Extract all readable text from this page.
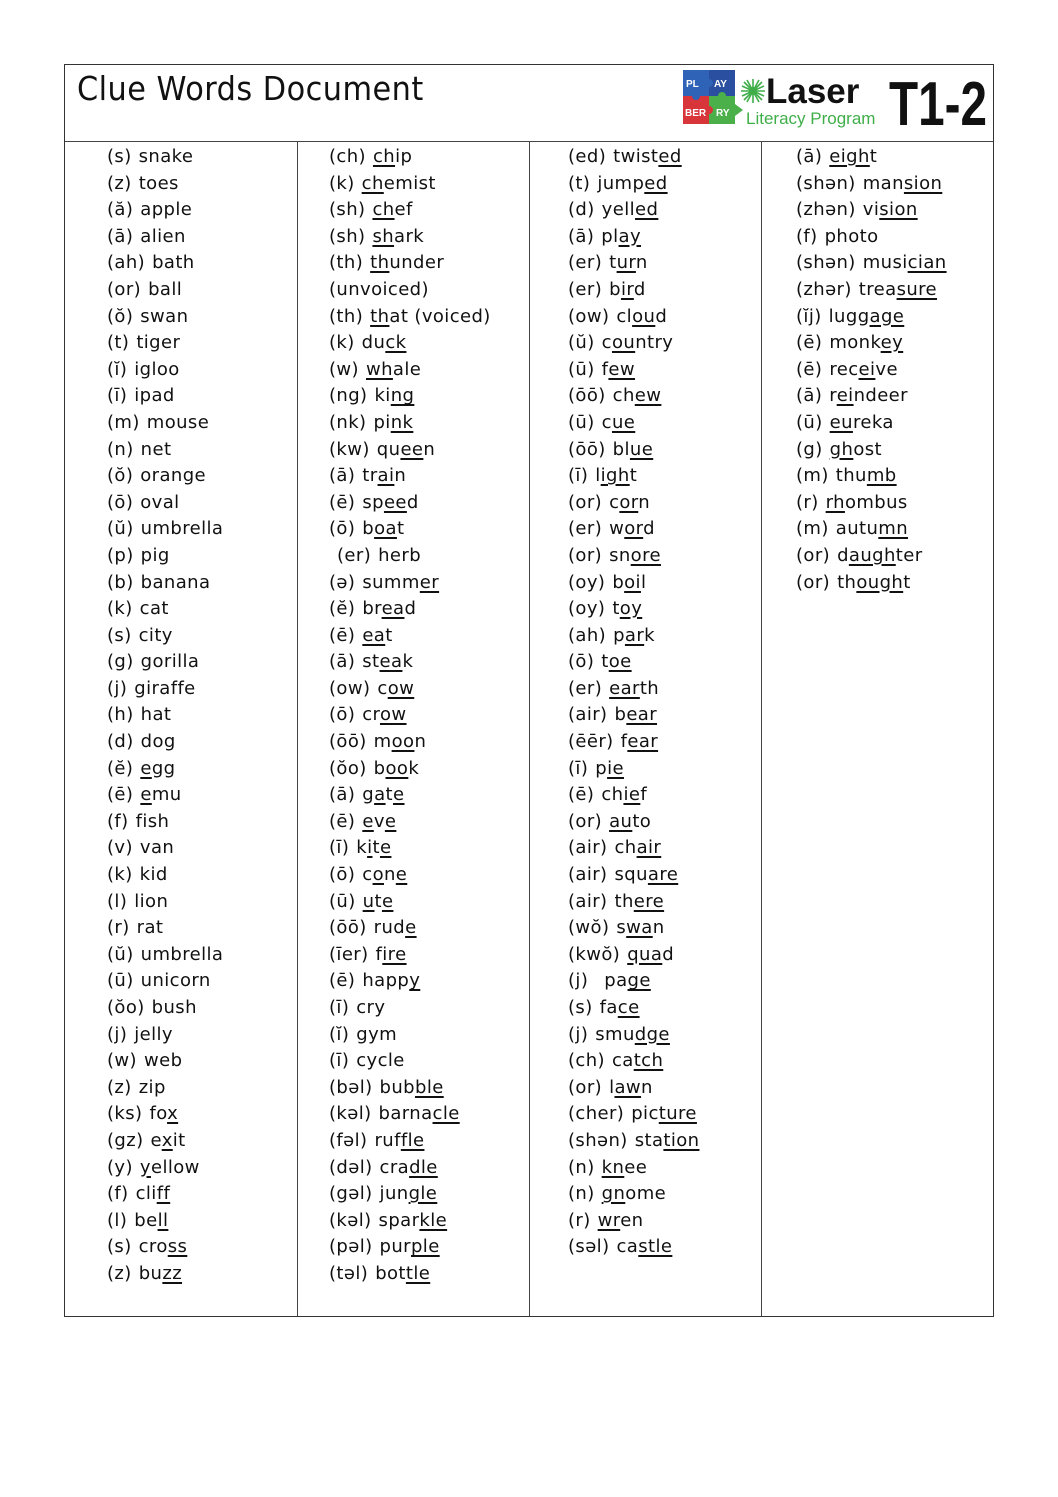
Clue Words Document	PL AY
BER RY
Laser
Literacy Program T1-2
(s) snake
(z) toes
(ă) apple
(ā) alien
(ah) bath
(or) ball
(ŏ) swan
(t) tiger
(ĭ) igloo
(ī) ipad
(m) mouse
(n) net
(ŏ) orange
(ō) oval
(ŭ) umbrella
(p) pig
(b) banana
(k) cat
(s) city
(g) gorilla
(j) giraffe
(h) hat
(d) dog
(ĕ) egg
(ē) emu
(f) fish
(v) van
(k) kid
(l) lion
(r) rat
(ŭ) umbrella
(ū) unicorn
(ŏo) bush
(j) jelly
(w) web
(z) zip
(ks) fox
(gz) exit
(y) yellow
(f) cliff
(l) bell
(s) cross
(z) buzz
(ch) chip
(k) chemist
(sh) chef
(sh) shark
(th) thunder
(unvoiced)
(th) that (voiced)
(k) duck
(w) whale
(ng) king
(nk) pink
(kw) queen
(ā) train
(ē) speed
(ō) boat
(er) herb
(ə) summer
(ĕ) bread
(ē) eat
(ā) steak
(ow) cow
(ō) crow
(ōō) moon
(ŏo) book
(ā) gate
(ē) eve
(ī) kite
(ō) cone
(ū) ute
(ōō) rude
(īer) fire
(ē) happy
(ī) cry
(ĭ) gym
(ī) cycle
(bəl) bubble
(kəl) barnacle
(fəl) ruffle
(dəl) cradle
(gəl) jungle
(kəl) sparkle
(pəl) purple
(təl) bottle
(ed) twisted
(t) jumped
(d) yelled
(ā) play
(er) turn
(er) bird
(ow) cloud
(ŭ) country
(ū) few
(ōō) chew
(ū) cue
(ōō) blue
(ī) light
(or) corn
(er) word
(or) snore
(oy) boil
(oy) toy
(ah) park
(ō) toe
(er) earth
(air) bear
(ēēr) fear
(ī) pie
(ē) chief
(or) auto
(air) chair
(air) square
(air) there
(wŏ) swan
(kwŏ) quad
(j) page
(s) face
(j) smudge
(ch) catch
(or) lawn
(cher) picture
(shən) station
(n) knee
(n) gnome
(r) wren
(səl) castle
(ā) eight
(shən) mansion
(zhən) vision
(f) photo
(shən) musician
(zhər) treasure
(ĭj) luggage
(ē) monkey
(ē) receive
(ā) reindeer
(ū) eureka
(g) ghost
(m) thumb
(r) rhombus
(m) autumn
(or) daughter
(or) thought
